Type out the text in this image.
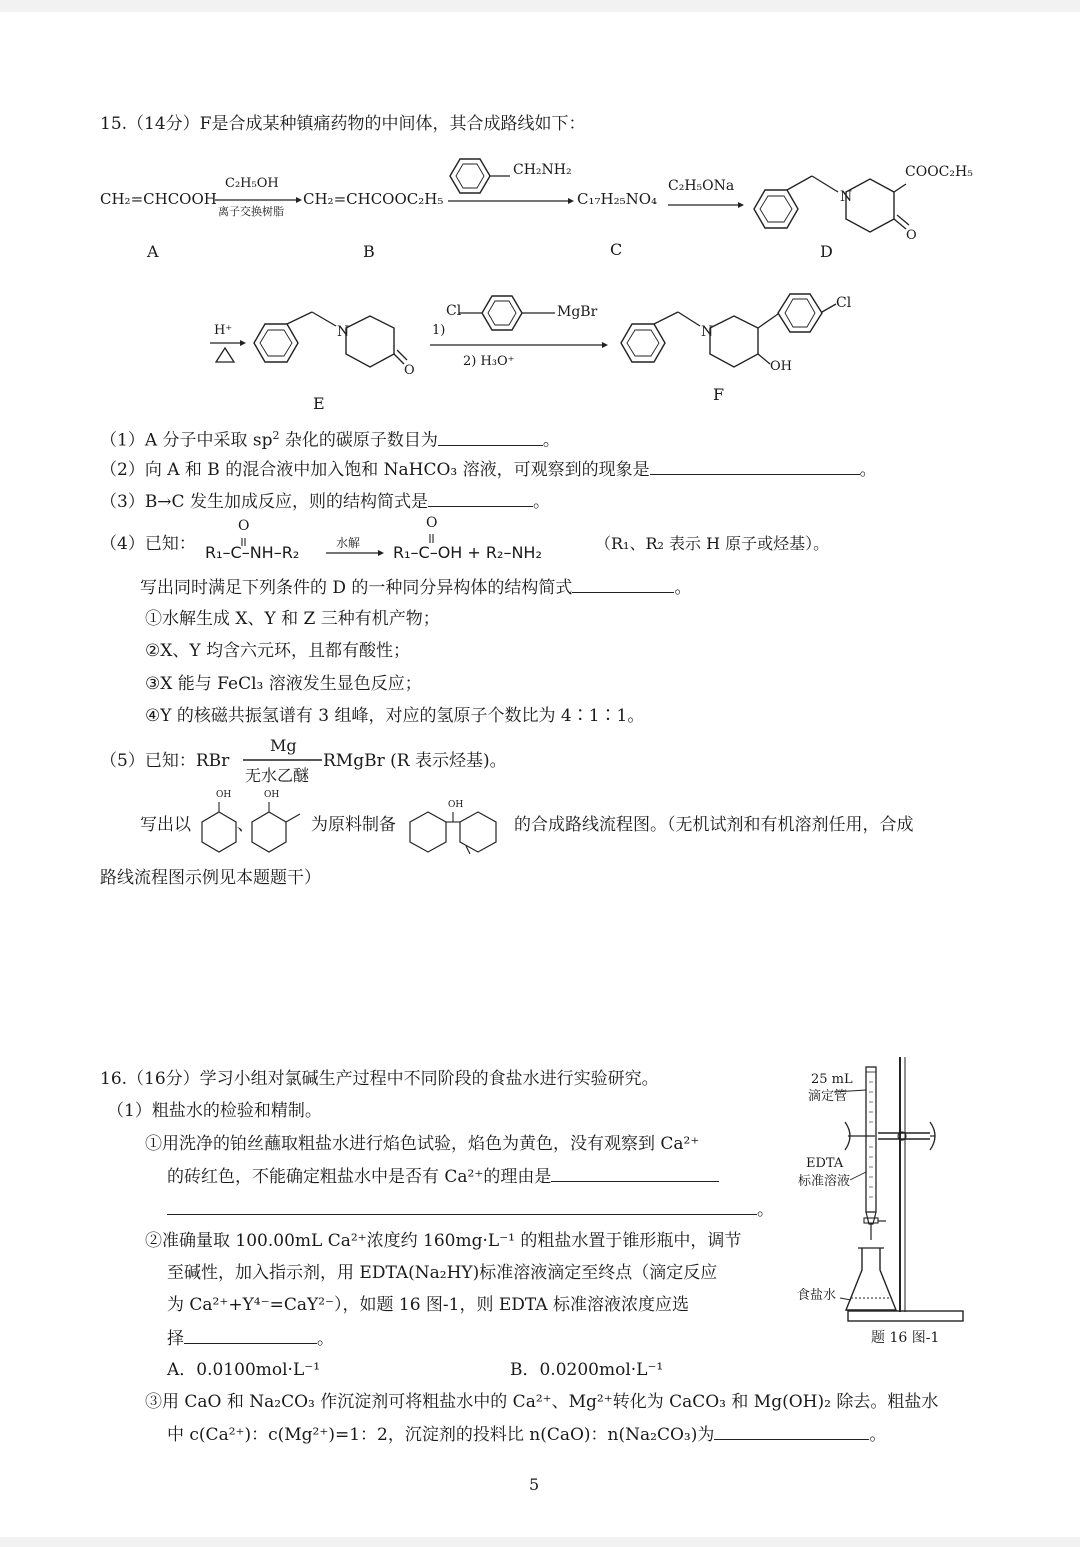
15.（14分）F是合成某种镇痛药物的中间体，其合成路线如下：
CH₂=CHCOOH
C₂H₅OH
离子交换树脂
CH₂=CHCOOC₂H₅
CH₂NH₂
C₁₇H₂₅NO₄
C₂H₅ONa
COOC₂H₅
N
O
A	B	C	D
H⁺	1)
Cl	MgBr
2) H₃O⁺
Cl
OH
N
O
N
E	F
（1）A 分子中采取 $sp^2$ 杂化的碳原子数目为	。
（2）向 A 和 B 的混合液中加入饱和 NaHCO₃ 溶液，可观察到的现象是	。
（3）B→C 发生加成反应，则的结构简式是	。
（4）已知： R₁–C–NH–R₂
O
水解 R₁–C–OH + R₂–NH₂
O
（R₁、R₂ 表示 H 原子或烃基）。
写出同时满足下列条件的 D 的一种同分异构体的结构简式	。
①水解生成 X、Y 和 Z 三种有机产物；
②X、Y 均含六元环，且都有酸性；
③X 能与 FeCl₃ 溶液发生显色反应；
④Y 的核磁共振氢谱有 3 组峰，对应的氢原子个数比为 4∶1∶1。
（5）已知：RBr
Mg
无水乙醚
RMgBr (R 表示烃基)。
写出以	、	为原料制备	的合成路线流程图。（无机试剂和有机溶剂任用，合成
路线流程图示例见本题题干）
OH	OH
OH
16.（16分）学习小组对氯碱生产过程中不同阶段的食盐水进行实验研究。
（1）粗盐水的检验和精制。
①用洗净的铂丝蘸取粗盐水进行焰色试验，焰色为黄色，没有观察到 Ca²⁺
的砖红色，不能确定粗盐水中是否有 Ca²⁺的理由是
。
②准确量取 100.00mL Ca²⁺浓度约 160mg·L⁻¹ 的粗盐水置于锥形瓶中，调节
至碱性，加入指示剂，用 EDTA(Na₂HY)标准溶液滴定至终点（滴定反应
为 Ca²⁺+Y⁴⁻=CaY²⁻），如题 16 图-1，则 EDTA 标准溶液浓度应选
择	。
A．0.0100mol·L⁻¹	B．0.0200mol·L⁻¹
③用 CaO 和 Na₂CO₃ 作沉淀剂可将粗盐水中的 Ca²⁺、Mg²⁺转化为 CaCO₃ 和 Mg(OH)₂ 除去。粗盐水
中 c(Ca²⁺)：c(Mg²⁺)=1：2，沉淀剂的投料比 n(CaO)：n(Na₂CO₃)为	。
25 mL
滴定管
EDTA
标准溶液
食盐水
题 16 图-1
5
